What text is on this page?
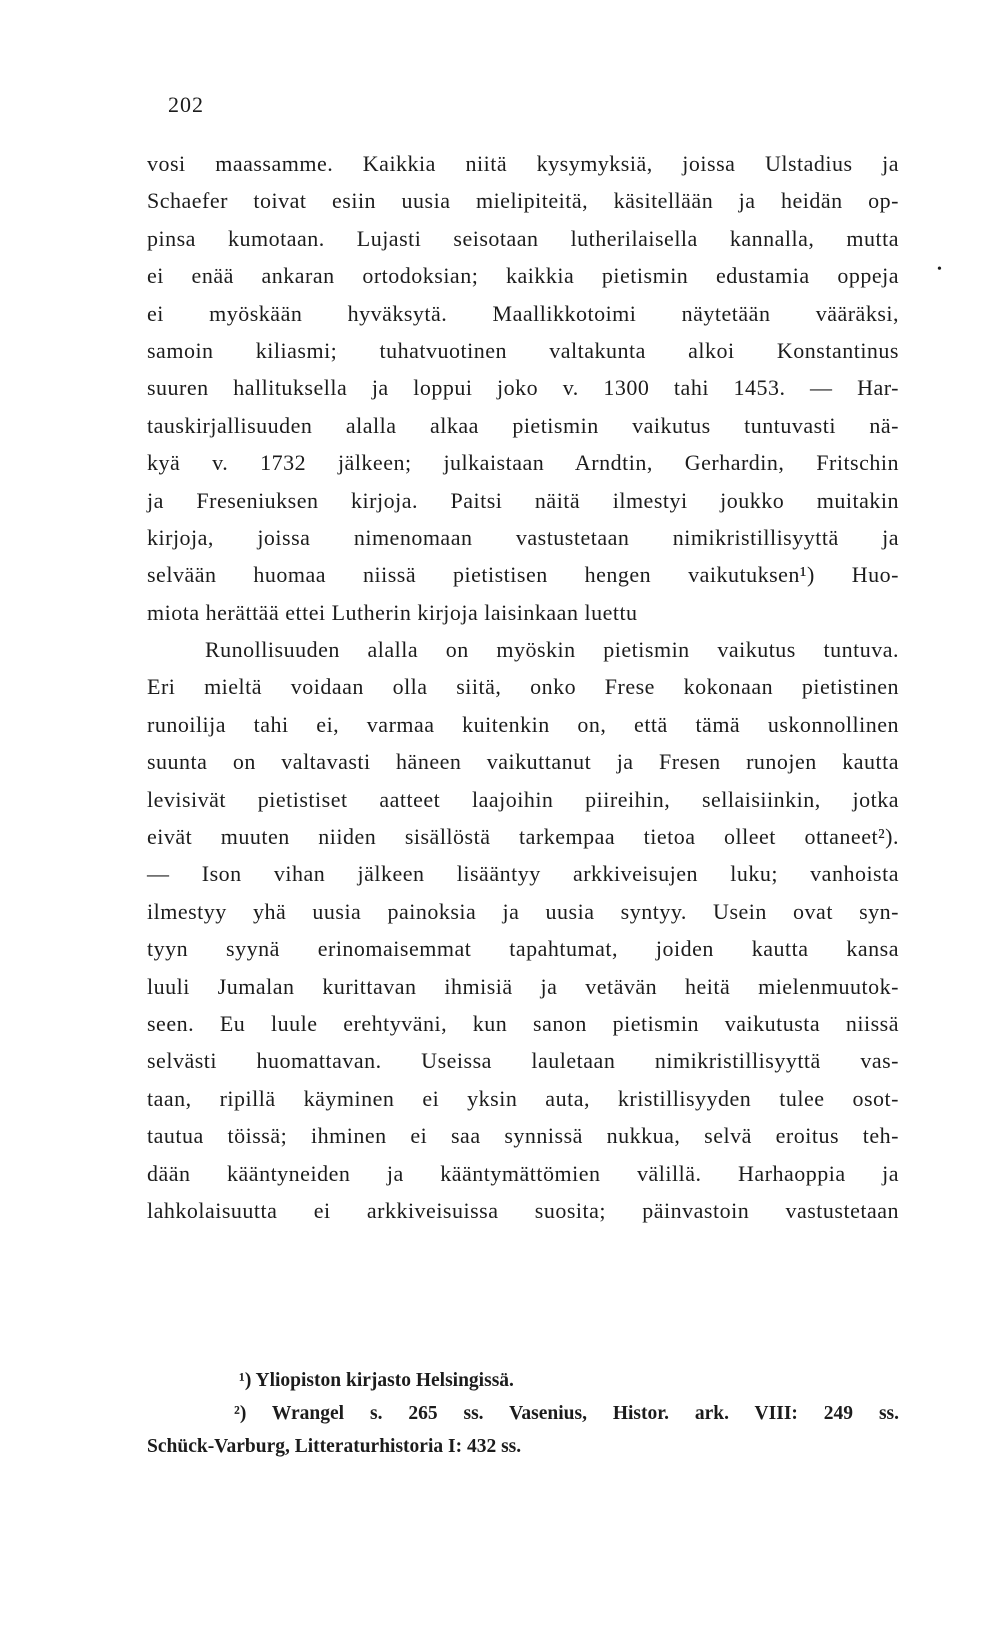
202
•
vosi maassamme. Kaikkia niitä kysymyksiä, joissa Ulstadius ja
Schaefer toivat esiin uusia mielipiteitä, käsitellään ja heidän op-
pinsa kumotaan. Lujasti seisotaan lutherilaisella kannalla, mutta
ei enää ankaran ortodoksian; kaikkia pietismin edustamia oppeja
ei myöskään hyväksytä. Maallikkotoimi näytetään vääräksi,
samoin kiliasmi; tuhatvuotinen valtakunta alkoi Konstantinus
suuren hallituksella ja loppui joko v. 1300 tahi 1453. — Har-
tauskirjallisuuden alalla alkaa pietismin vaikutus tuntuvasti nä-
kyä v. 1732 jälkeen; julkaistaan Arndtin, Gerhardin, Fritschin
ja Freseniuksen kirjoja. Paitsi näitä ilmestyi joukko muitakin
kirjoja, joissa nimenomaan vastustetaan nimikristillisyyttä ja
selvään huomaa niissä pietistisen hengen vaikutuksen¹) Huo-
miota herättää ettei Lutherin kirjoja laisinkaan luettu
Runollisuuden alalla on myöskin pietismin vaikutus tuntuva.
Eri mieltä voidaan olla siitä, onko Frese kokonaan pietistinen
runoilija tahi ei, varmaa kuitenkin on, että tämä uskonnollinen
suunta on valtavasti häneen vaikuttanut ja Fresen runojen kautta
levisivät pietistiset aatteet laajoihin piireihin, sellaisiinkin, jotka
eivät muuten niiden sisällöstä tarkempaa tietoa olleet ottaneet²).
— Ison vihan jälkeen lisääntyy arkkiveisujen luku; vanhoista
ilmestyy yhä uusia painoksia ja uusia syntyy. Usein ovat syn-
tyyn syynä erinomaisemmat tapahtumat, joiden kautta kansa
luuli Jumalan kurittavan ihmisiä ja vetävän heitä mielenmuutok-
seen. Eu luule erehtyväni, kun sanon pietismin vaikutusta niissä
selvästi huomattavan. Useissa lauletaan nimikristillisyyttä vas-
taan, ripillä käyminen ei yksin auta, kristillisyyden tulee osot-
tautua töissä; ihminen ei saa synnissä nukkua, selvä eroitus teh-
dään kääntyneiden ja kääntymättömien välillä. Harhaoppia ja
lahkolaisuutta ei arkkiveisuissa suosita; päinvastoin vastustetaan
¹) Yliopiston kirjasto Helsingissä.
²) Wrangel s. 265 ss. Vasenius, Histor. ark. VIII: 249 ss.
Schück-Varburg, Litteraturhistoria I: 432 ss.
